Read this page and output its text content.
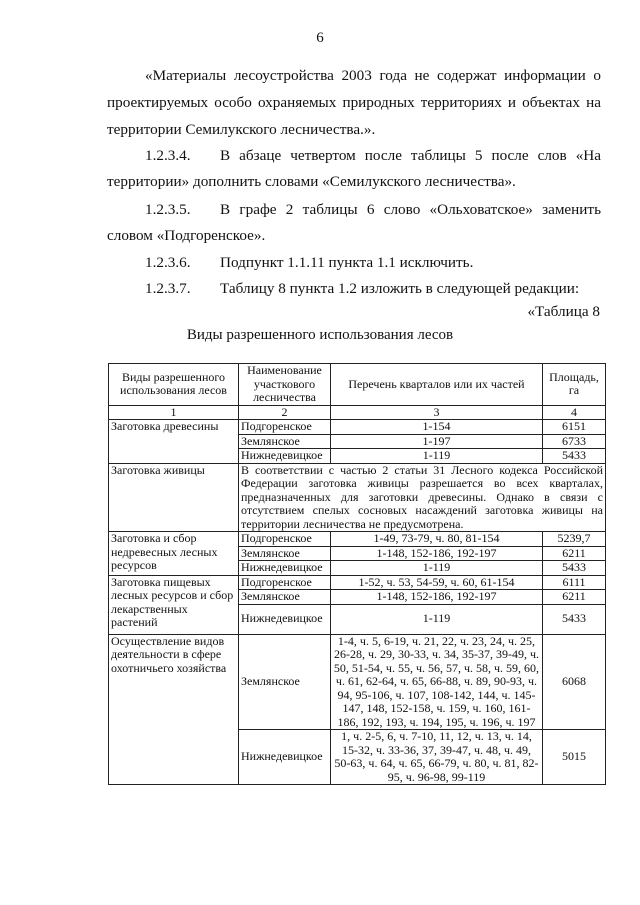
6
«Материалы лесоустройства 2003 года не содержат информации о
проектируемых особо охраняемых природных территориях и объектах на
территории Семилукского лесничества.».
1.2.3.4. В абзаце четвертом после таблицы 5 после слов «На
территории» дополнить словами «Семилукского лесничества».
1.2.3.5. В графе 2 таблицы 6 слово «Ольховатское» заменить
словом «Подгоренское».
1.2.3.6. Подпункт 1.1.11 пункта 1.1 исключить.
1.2.3.7. Таблицу 8 пункта 1.2 изложить в следующей редакции:
«Таблица 8
Виды разрешенного использования лесов
Виды разрешенного использования лесов	Наименование участкового лесничества	Перечень кварталов или их частей	Площадь, га
1	2	3	4
Заготовка древесины	Подгоренское	1-154	6151
	Землянское	1-197	6733
	Нижнедевицкое	1-119	5433
Заготовка живицы	В соответствии с частью 2 статьи 31 Лесного кодекса Российской Федерации заготовка живицы разрешается во всех кварталах, предназначенных для заготовки древесины. Однако в связи с отсутствием спелых сосновых насаждений заготовка живицы на территории лесничества не предусмотрена.		
Заготовка и сбор недревесных лесных ресурсов	Подгоренское	1-49, 73-79, ч. 80, 81-154	5239,7
	Землянское	1-148, 152-186, 192-197	6211
	Нижнедевицкое	1-119	5433
Заготовка пищевых лесных ресурсов и сбор лекарственных растений	Подгоренское	1-52, ч. 53, 54-59, ч. 60, 61-154	6111
	Землянское	1-148, 152-186, 192-197	6211
	Нижнедевицкое	1-119	5433
Осуществление видов деятельности в сфере охотничьего хозяйства	Землянское	1-4, ч. 5, 6-19, ч. 21, 22, ч. 23, 24, ч. 25, 26-28, ч. 29, 30-33, ч. 34, 35-37, 39-49, ч. 50, 51-54, ч. 55, ч. 56, 57, ч. 58, ч. 59, 60, ч. 61, 62-64, ч. 65, 66-88, ч. 89, 90-93, ч. 94, 95-106, ч. 107, 108-142, 144, ч. 145-147, 148, 152-158, ч. 159, ч. 160, 161-186, 192, 193, ч. 194, 195, ч. 196, ч. 197	6068
	Нижнедевицкое	1, ч. 2-5, 6, ч. 7-10, 11, 12, ч. 13, ч. 14, 15-32, ч. 33-36, 37, 39-47, ч. 48, ч. 49, 50-63, ч. 64, ч. 65, 66-79, ч. 80, ч. 81, 82-95, ч. 96-98, 99-119	5015
